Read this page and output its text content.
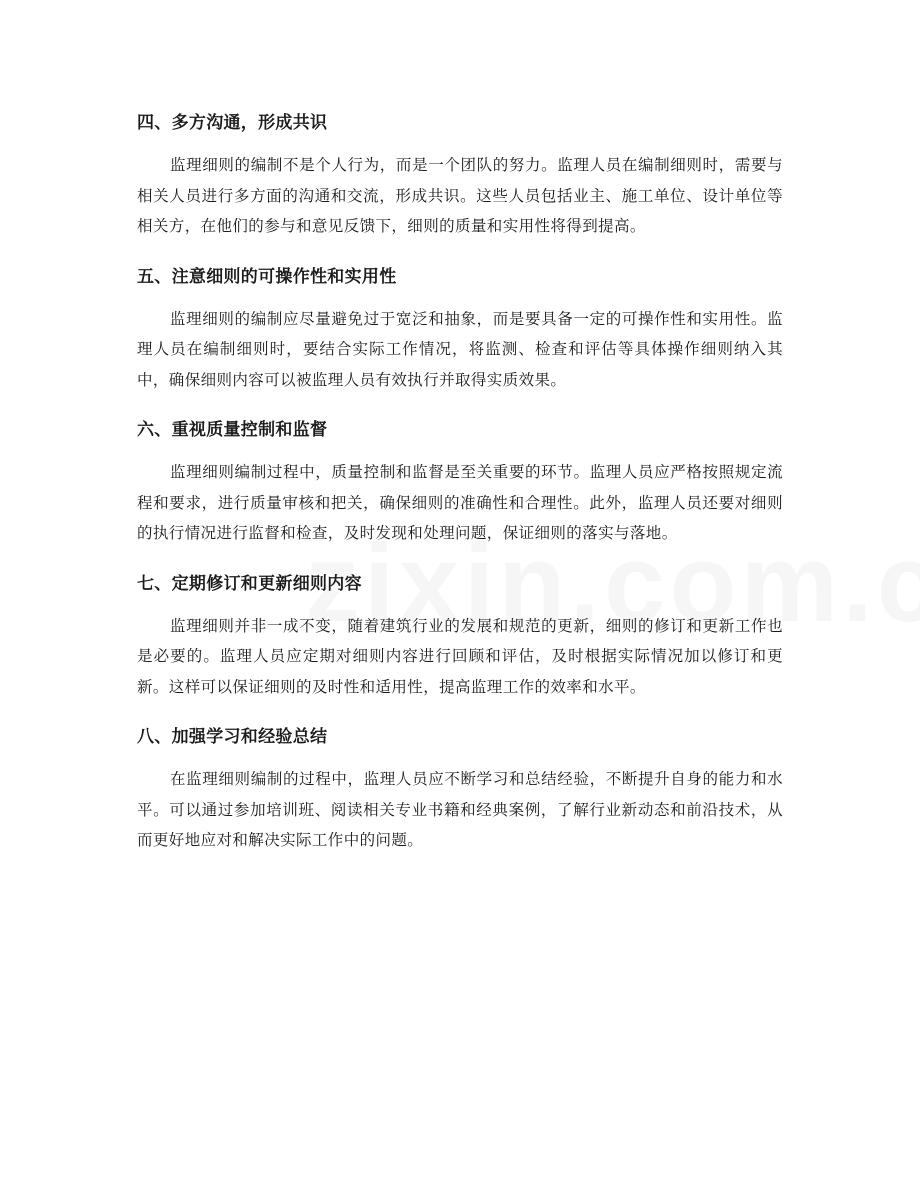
四、多方沟通，形成共识

监理细则的编制不是个人行为，而是一个团队的努力。监理人员在编制细则时，需要与相关人员进行多方面的沟通和交流，形成共识。这些人员包括业主、施工单位、设计单位等相关方，在他们的参与和意见反馈下，细则的质量和实用性将得到提高。

五、注意细则的可操作性和实用性

监理细则的编制应尽量避免过于宽泛和抽象，而是要具备一定的可操作性和实用性。监理人员在编制细则时，要结合实际工作情况，将监测、检查和评估等具体操作细则纳入其中，确保细则内容可以被监理人员有效执行并取得实质效果。

六、重视质量控制和监督

监理细则编制过程中，质量控制和监督是至关重要的环节。监理人员应严格按照规定流程和要求，进行质量审核和把关，确保细则的准确性和合理性。此外，监理人员还要对细则的执行情况进行监督和检查，及时发现和处理问题，保证细则的落实与落地。

七、定期修订和更新细则内容

监理细则并非一成不变，随着建筑行业的发展和规范的更新，细则的修订和更新工作也是必要的。监理人员应定期对细则内容进行回顾和评估，及时根据实际情况加以修订和更新。这样可以保证细则的及时性和适用性，提高监理工作的效率和水平。

八、加强学习和经验总结

在监理细则编制的过程中，监理人员应不断学习和总结经验，不断提升自身的能力和水平。可以通过参加培训班、阅读相关专业书籍和经典案例，了解行业新动态和前沿技术，从而更好地应对和解决实际工作中的问题。
